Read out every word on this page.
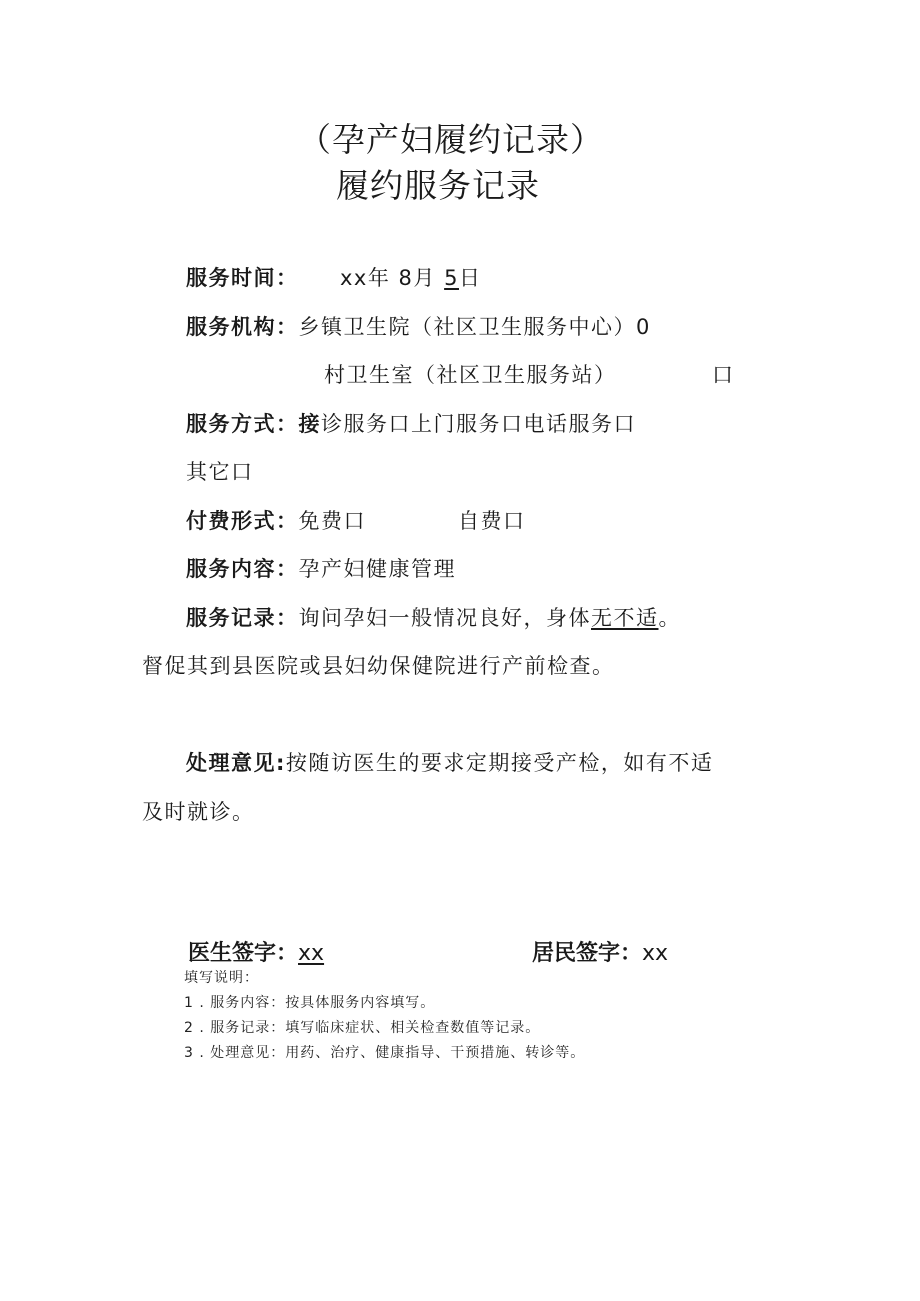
（孕产妇履约记录）
履约服务记录
服务时间： xx年 8月 5日
服务机构：乡镇卫生院（社区卫生服务中心）0
村卫生室（社区卫生服务站）	口
服务方式：接诊服务口上门服务口电话服务口
其它口
付费形式：免费口	自费口
服务内容：孕产妇健康管理
服务记录：询问孕妇一般情况良好，身体无不适。
督促其到县医院或县妇幼保健院进行产前检查。
处理意见:按随访医生的要求定期接受产检，如有不适
及时就诊。
医生签字：xx	居民签字：xx
填写说明：
1 . 服务内容：按具体服务内容填写。
2 . 服务记录：填写临床症状、相关检查数值等记录。
3 . 处理意见：用药、治疗、健康指导、干预措施、转诊等。
